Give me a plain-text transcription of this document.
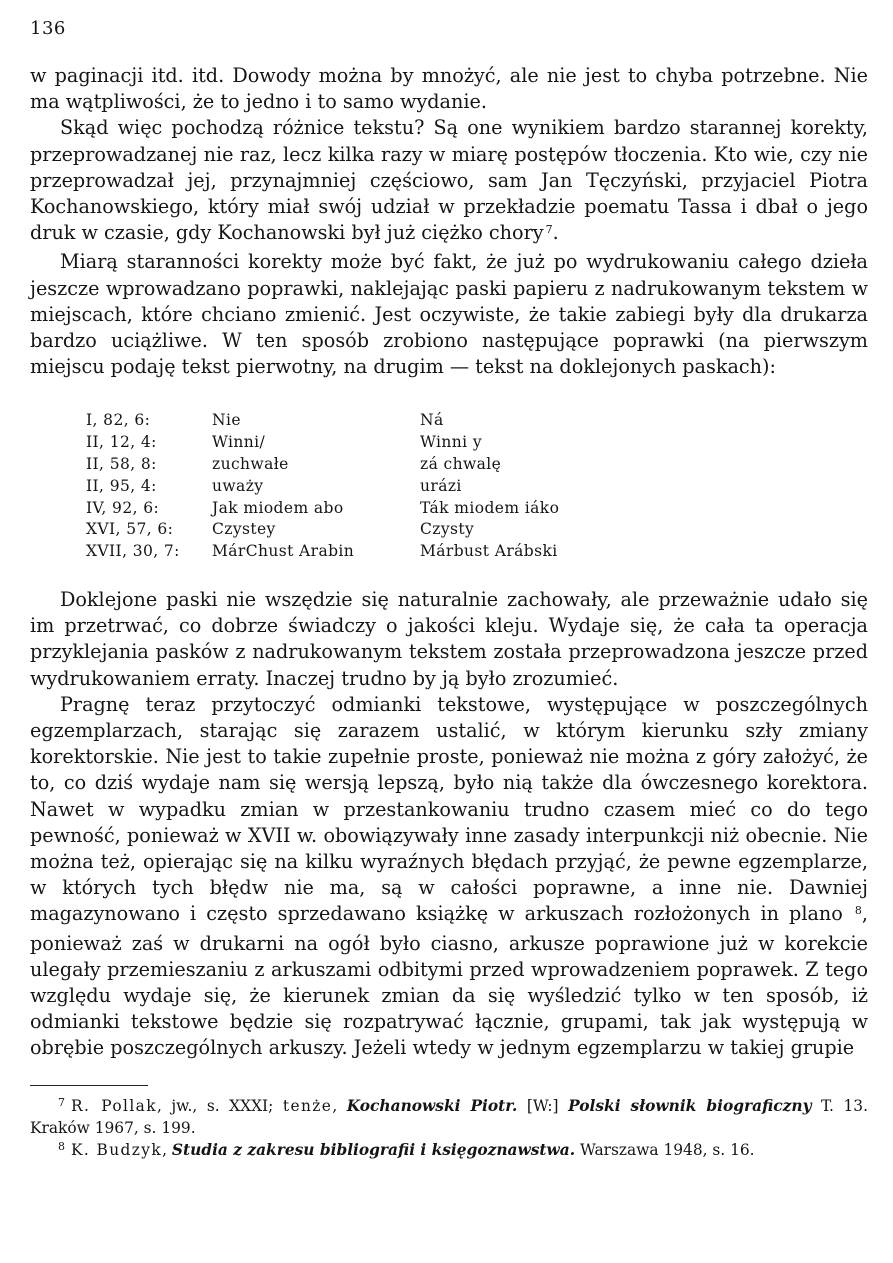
136

w paginacji itd. itd. Dowody można by mnożyć, ale nie jest to chyba potrzebne. Nie ma wątpliwości, że to jedno i to samo wydanie.

Skąd więc pochodzą różnice tekstu? Są one wynikiem bardzo starannej korekty, przeprowadzanej nie raz, lecz kilka razy w miarę postępów tłoczenia. Kto wie, czy nie przeprowadzał jej, przynajmniej częściowo, sam Jan Tęczyński, przyjaciel Piotra Kochanowskiego, który miał swój udział w przekładzie poematu Tassa i dbał o jego druk w czasie, gdy Kochanowski był już ciężko chory $^7$.

Miarą staranności korekty może być fakt, że już po wydrukowaniu całego dzieła jeszcze wprowadzano poprawki, naklejając paski papieru z nadrukowanym tekstem w miejscach, które chciano zmienić. Jest oczywiste, że takie zabiegi były dla drukarza bardzo uciążliwe. W ten sposób zrobiono następujące poprawki (na pierwszym miejscu podaję tekst pierwotny, na drugim — tekst na doklejonych paskach):

I, 82, 6:	Nie	Ná
II, 12, 4:	Winni/	Winni y
II, 58, 8:	zuchwałe	zá chwalę
II, 95, 4:	uważy	urázi
IV, 92, 6:	Jak miodem abo	Ták miodem iáko
XVI, 57, 6:	Czystey	Czysty
XVII, 30, 7:	MárChust Arabin	Márbust Arábski

Doklejone paski nie wszędzie się naturalnie zachowały, ale przeważnie udało się im przetrwać, co dobrze świadczy o jakości kleju. Wydaje się, że cała ta operacja przyklejania pasków z nadrukowanym tekstem została przeprowadzona jeszcze przed wydrukowaniem erraty. Inaczej trudno by ją było zrozumieć.

Pragnę teraz przytoczyć odmianki tekstowe, występujące w poszczególnych egzemplarzach, starając się zarazem ustalić, w którym kierunku szły zmiany korektorskie. Nie jest to takie zupełnie proste, ponieważ nie można z góry założyć, że to, co dziś wydaje nam się wersją lepszą, było nią także dla ówczesnego korektora. Nawet w wypadku zmian w przestankowaniu trudno czasem mieć co do tego pewność, ponieważ w XVII w. obowiązywały inne zasady interpunkcji niż obecnie. Nie można też, opierając się na kilku wyraźnych błędach przyjąć, że pewne egzemplarze, w których tych błędw nie ma, są w całości poprawne, a inne nie. Dawniej magazynowano i często sprzedawano książkę w arkuszach rozłożonych in plano $^8$, ponieważ zaś w drukarni na ogół było ciasno, arkusze poprawione już w korekcie ulegały przemieszaniu z arkuszami odbitymi przed wprowadzeniem poprawek. Z tego względu wydaje się, że kierunek zmian da się wyśledzić tylko w ten sposób, iż odmianki tekstowe będzie się rozpatrywać łącznie, grupami, tak jak występują w obrębie poszczególnych arkuszy. Jeżeli wtedy w jednym egzemplarzu w takiej grupie

$^7$ R. Pollak, jw., s. XXXI; tenże, Kochanowski Piotr. [W:] Polski słownik biograficzny T. 13. Kraków 1967, s. 199.

$^8$ K. Budzyk, Studia z zakresu bibliografii i księgoznawstwa. Warszawa 1948, s. 16.
